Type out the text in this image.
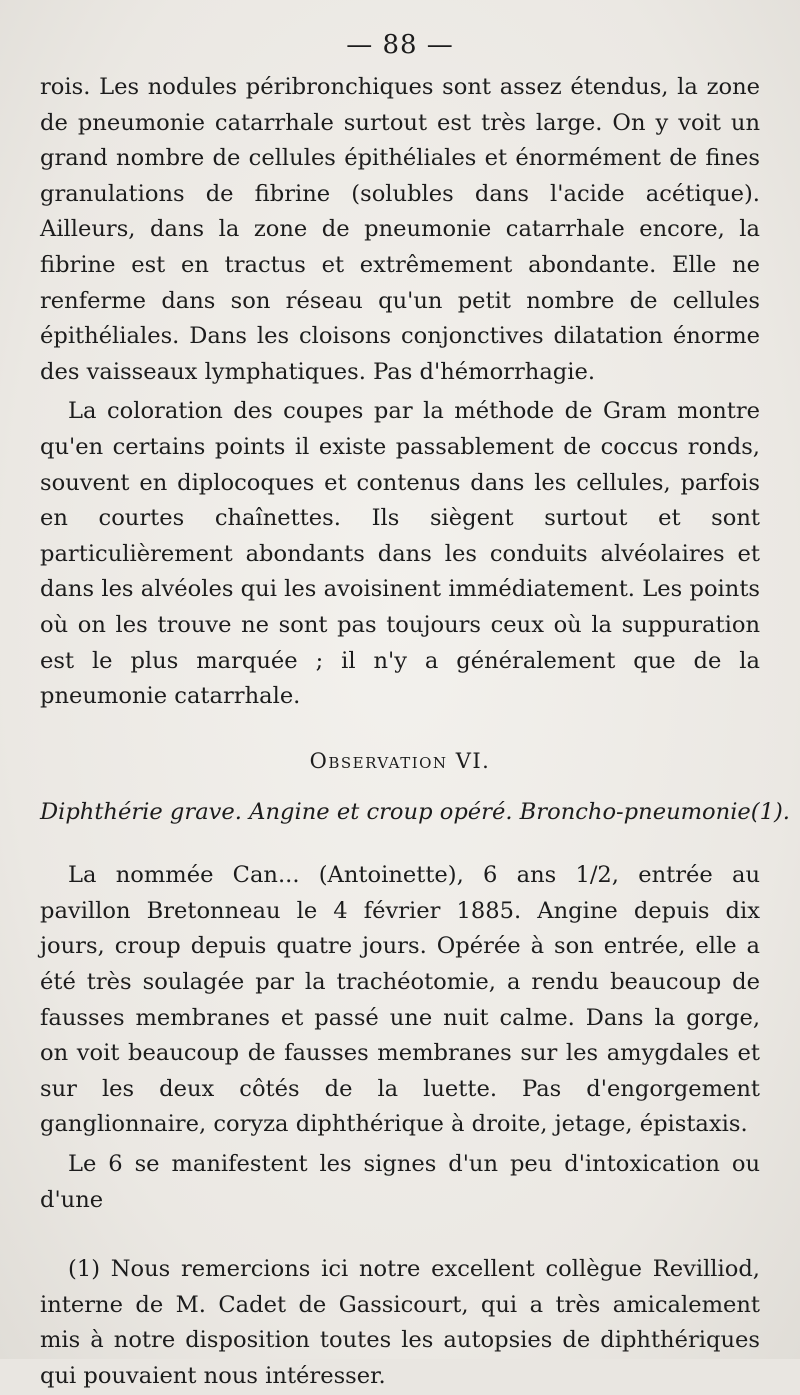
— 88 —

rois. Les nodules péribronchiques sont assez étendus, la zone de pneumonie catarrhale surtout est très large. On y voit un grand nombre de cellules épithéliales et énormément de fines granulations de fibrine (solubles dans l'acide acétique). Ailleurs, dans la zone de pneumonie catarrhale encore, la fibrine est en tractus et extrêmement abondante. Elle ne renferme dans son réseau qu'un petit nombre de cellules épithéliales. Dans les cloisons conjonctives dilatation énorme des vaisseaux lymphatiques. Pas d'hémorrhagie.

La coloration des coupes par la méthode de Gram montre qu'en certains points il existe passablement de coccus ronds, souvent en diplocoques et contenus dans les cellules, parfois en courtes chaînettes. Ils siègent surtout et sont particulièrement abondants dans les conduits alvéolaires et dans les alvéoles qui les avoisinent immédiatement. Les points où on les trouve ne sont pas toujours ceux où la suppuration est le plus marquée ; il n'y a généralement que de la pneumonie catarrhale.

Observation VI.
Diphthérie grave. Angine et croup opéré. Broncho-pneumonie(1).

La nommée Can... (Antoinette), 6 ans 1/2, entrée au pavillon Bretonneau le 4 février 1885. Angine depuis dix jours, croup depuis quatre jours. Opérée à son entrée, elle a été très soulagée par la trachéotomie, a rendu beaucoup de fausses membranes et passé une nuit calme. Dans la gorge, on voit beaucoup de fausses membranes sur les amygdales et sur les deux côtés de la luette. Pas d'engorgement ganglionnaire, coryza diphthérique à droite, jetage, épistaxis.

Le 6 se manifestent les signes d'un peu d'intoxication ou d'une

(1) Nous remercions ici notre excellent collègue Revilliod, interne de M. Cadet de Gassicourt, qui a très amicalement mis à notre disposition toutes les autopsies de diphthériques qui pouvaient nous intéresser.
